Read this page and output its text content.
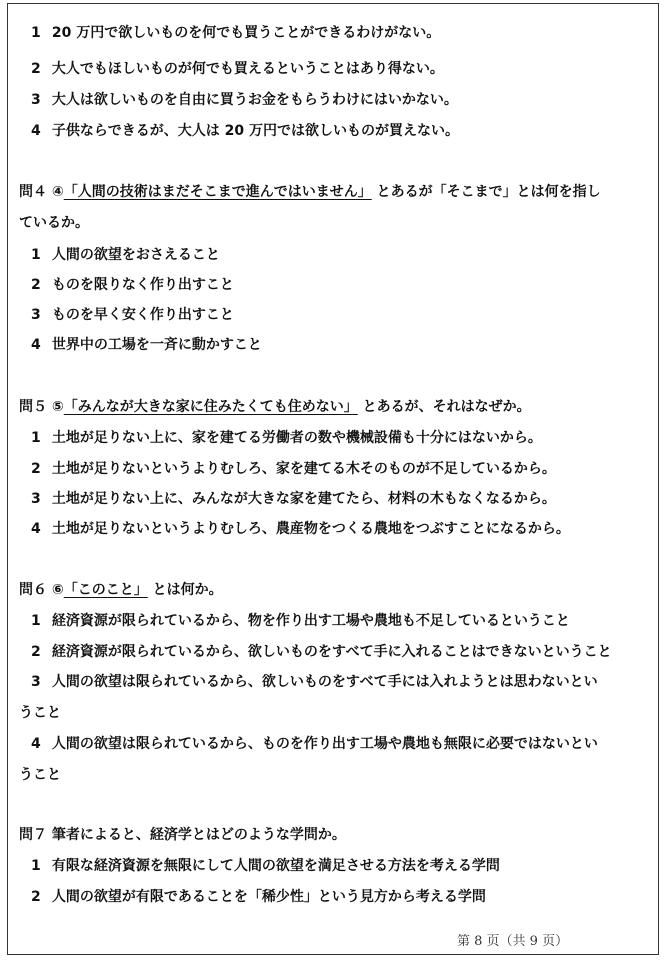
1 20 万円で欲しいものを何でも買うことができるわけがない。
2 大人でもほしいものが何でも買えるということはあり得ない。
3 大人は欲しいものを自由に買うお金をもらうわけにはいかない。
4 子供ならできるが、大人は 20 万円では欲しいものが買えない。
問４ ④「人間の技術はまだそこまで進んではいません」 とあるが「そこまで」とは何を指し
ているか。
1 人間の欲望をおさえること
2 ものを限りなく作り出すこと
3 ものを早く安く作り出すこと
4 世界中の工場を一斉に動かすこと
問５ ⑤「みんなが大きな家に住みたくても住めない」 とあるが、それはなぜか。
1 土地が足りない上に、家を建てる労働者の数や機械設備も十分にはないから。
2 土地が足りないというよりむしろ、家を建てる木そのものが不足しているから。
3 土地が足りない上に、みんなが大きな家を建てたら、材料の木もなくなるから。
4 土地が足りないというよりむしろ、農産物をつくる農地をつぶすことになるから。
問６ ⑥「このこと」 とは何か。
1 経済資源が限られているから、物を作り出す工場や農地も不足しているということ
2 経済資源が限られているから、欲しいものをすべて手に入れることはできないということ
3 人間の欲望は限られているから、欲しいものをすべて手には入れようとは思わないとい
うこと
4 人間の欲望は限られているから、ものを作り出す工場や農地も無限に必要ではないとい
うこと
問７ 筆者によると、経済学とはどのような学問か。
1 有限な経済資源を無限にして人間の欲望を満足させる方法を考える学問
2 人間の欲望が有限であることを「稀少性」という見方から考える学問
第 8 页（共 9 页）
